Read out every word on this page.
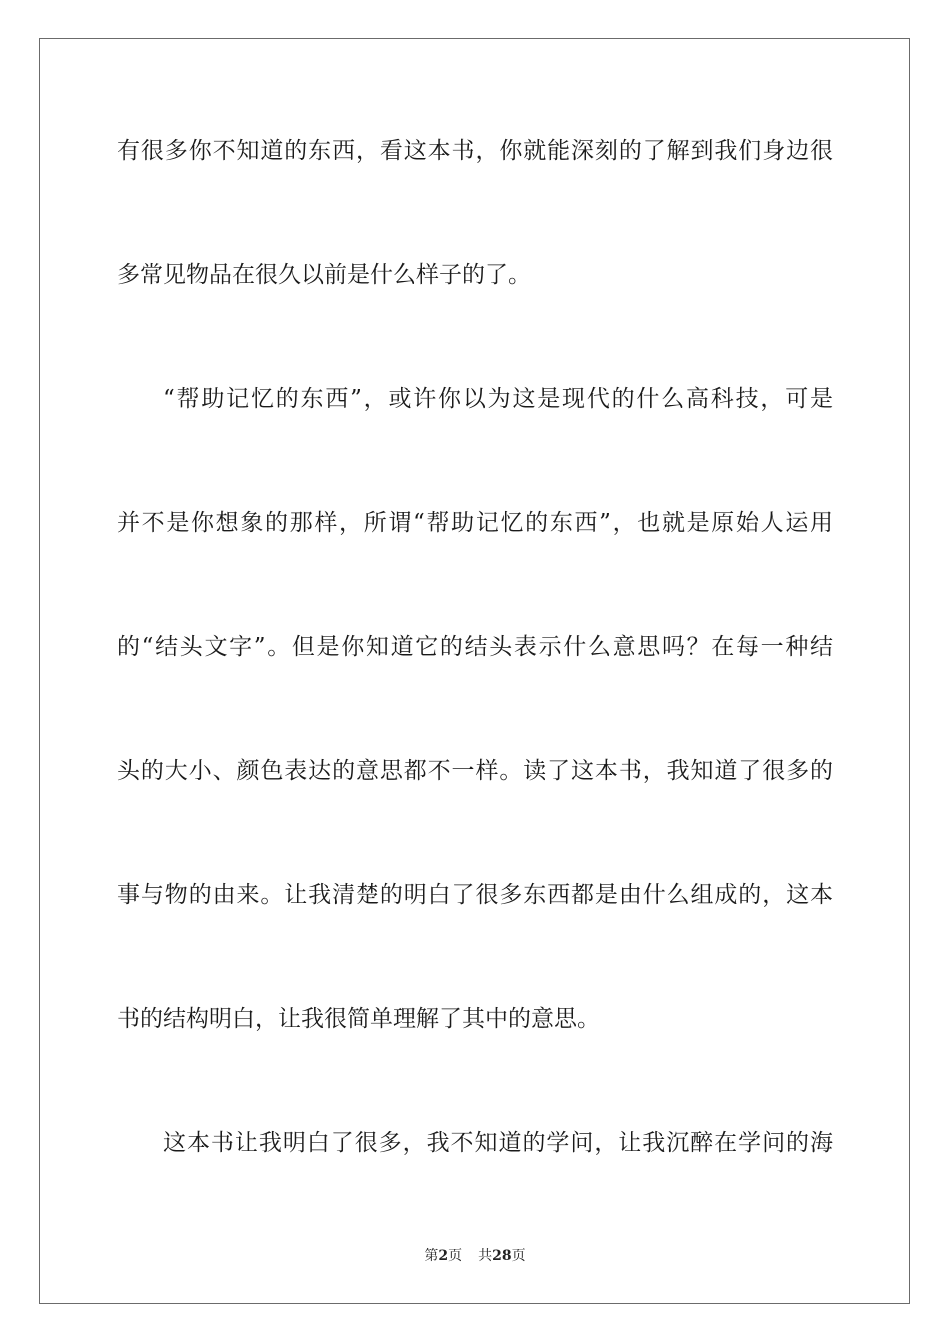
有很多你不知道的东西，看这本书，你就能深刻的了解到我们身边很
多常见物品在很久以前是什么样子的了。
“帮助记忆的东西”，或许你以为这是现代的什么高科技，可是
并不是你想象的那样，所谓“帮助记忆的东西”，也就是原始人运用
的“结头文字”。但是你知道它的结头表示什么意思吗？在每一种结
头的大小、颜色表达的意思都不一样。读了这本书，我知道了很多的
事与物的由来。让我清楚的明白了很多东西都是由什么组成的，这本
书的结构明白，让我很简单理解了其中的意思。
这本书让我明白了很多，我不知道的学问，让我沉醉在学问的海
第2页 共28页
